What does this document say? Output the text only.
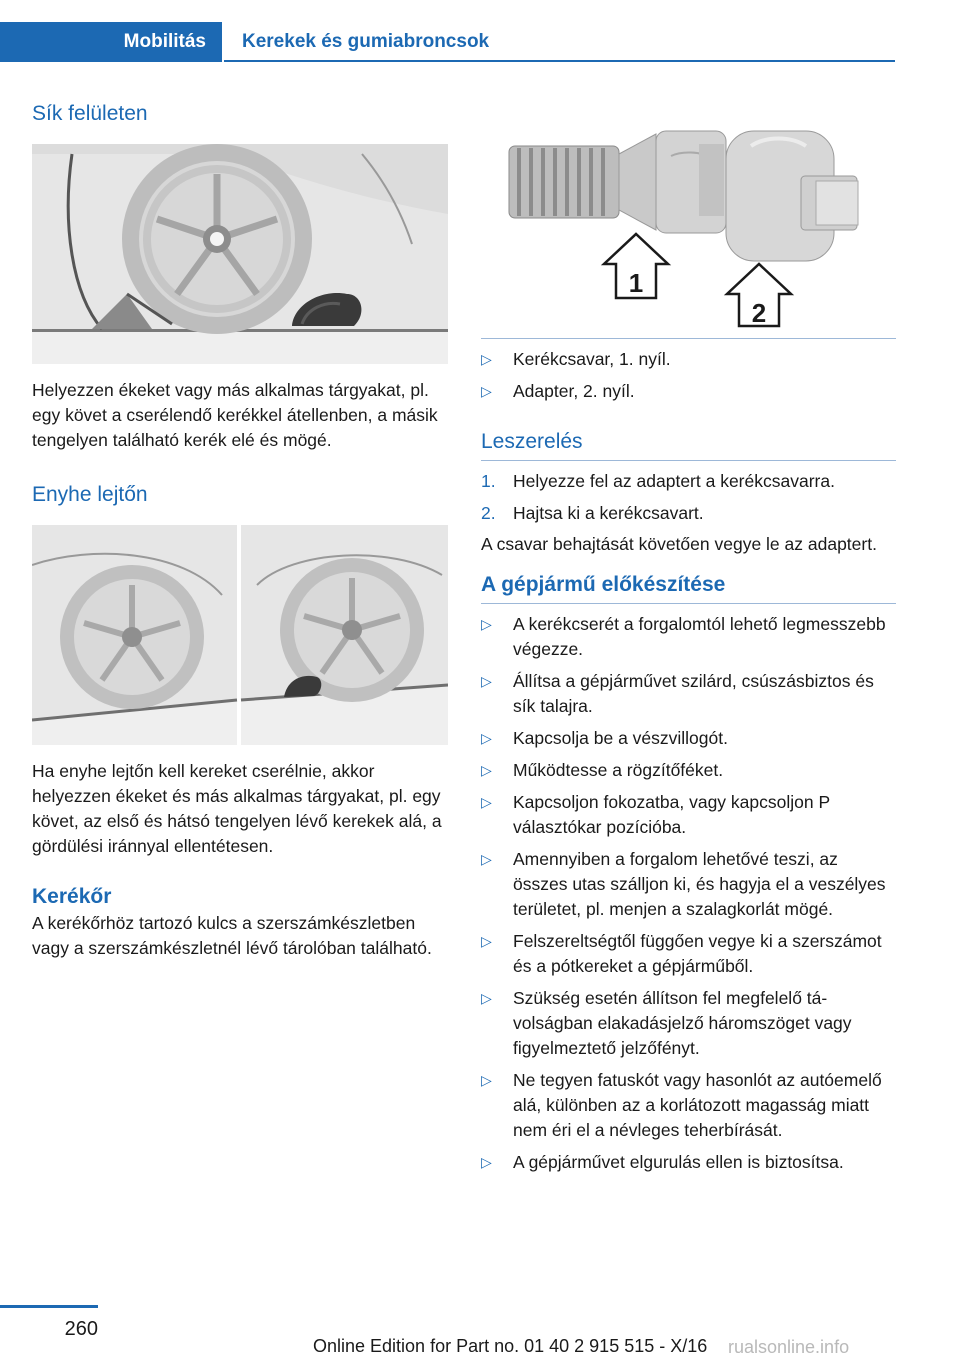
Mobilitás	Kerekek és gumiabroncsok
Sík felületen

Helyezzen ékeket vagy más alkalmas tárgyakat, pl. egy követ a cserélendő kerékkel átellenben, a másik tengelyen található kerék elé és mögé.

Enyhe lejtőn

Ha enyhe lejtőn kell kereket cserélnie, akkor helyezzen ékeket és más alkalmas tárgyakat, pl. egy követ, az első és hátsó tengelyen lévő kerekek alá, a gördülési iránnyal ellentétesen.

Kerékőr

A kerékőrhöz tartozó kulcs a szerszámkészletben vagy a szerszámkészletnél lévő tárolóban található.

1
2
▷ Kerékcsavar, 1. nyíl.
▷ Adapter, 2. nyíl.
Leszerelés
1. Helyezze fel az adaptert a kerékcsavarra.
2. Hajtsa ki a kerékcsavart.

A csavar behajtását követően vegye le az adaptert.

A gépjármű előkészítése
▷ A kerékcserét a forgalomtól lehető legmesszebb végezze.
▷ Állítsa a gépjárművet szilárd, csúszásbiztos és sík talajra.
▷ Kapcsolja be a vészvillogót.
▷ Működtesse a rögzítőféket.
▷ Kapcsoljon fokozatba, vagy kapcsoljon P választókar pozícióba.
▷ Amennyiben a forgalom lehetővé teszi, az összes utas szálljon ki, és hagyja el a veszélyes területet, pl. menjen a szalagkorlát mögé.
▷ Felszereltségtől függően vegye ki a szerszámot és a pótkereket a gépjárműből.
▷ Szükség esetén állítson fel megfelelő távolságban elakadásjelző háromszöget vagy figyelmeztető jelzőfényt.
▷ Ne tegyen fatuskót vagy hasonlót az autóemelő alá, különben az a korlátozott magasság miatt nem éri el a névleges teherbírását.
▷ A gépjárművet elgurulás ellen is biztosítsa.
260
Online Edition for Part no. 01 40 2 915 515 - X/16 rualsonline.info
